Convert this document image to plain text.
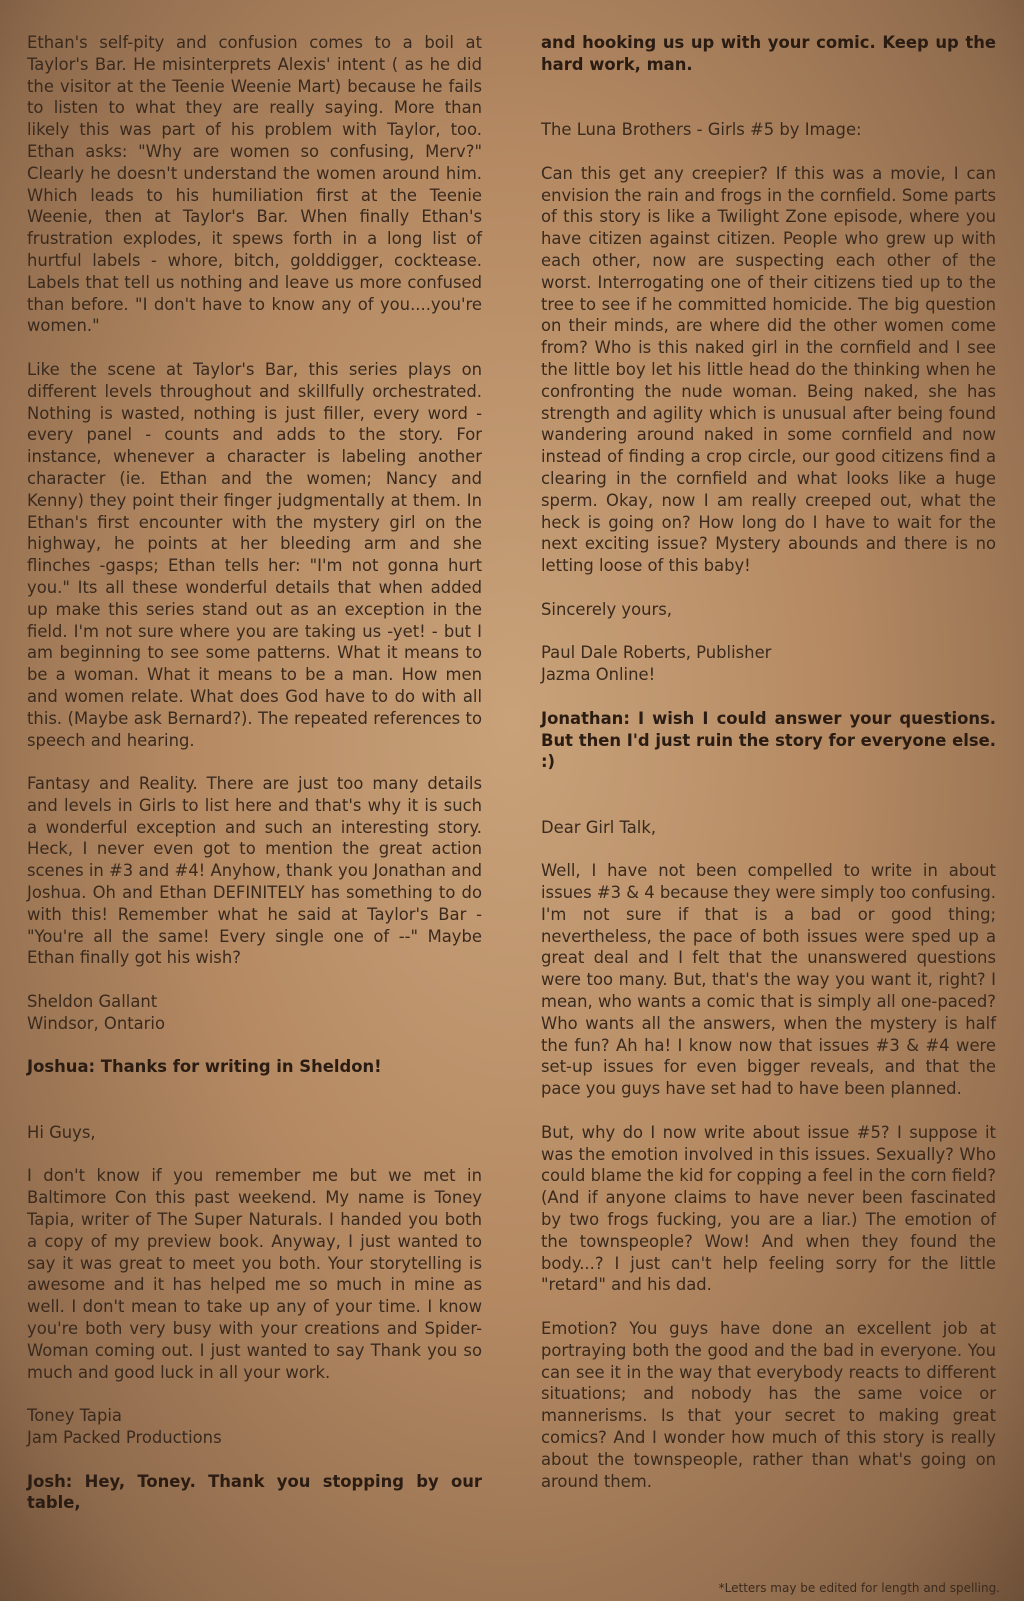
Ethan's self-pity and confusion comes to a boil at Taylor's Bar. He misinterprets Alexis' intent ( as he did the visitor at the Teenie Weenie Mart) because he fails to listen to what they are really saying. More than likely this was part of his problem with Taylor, too. Ethan asks: "Why are women so confusing, Merv?" Clearly he doesn't understand the women around him. Which leads to his humiliation first at the Teenie Weenie, then at Taylor's Bar. When finally Ethan's frustration explodes, it spews forth in a long list of hurtful labels - whore, bitch, golddigger, cocktease. Labels that tell us nothing and leave us more confused than before. "I don't have to know any of you....you're women."

Like the scene at Taylor's Bar, this series plays on different levels throughout and skillfully orchestrated. Nothing is wasted, nothing is just filler, every word - every panel - counts and adds to the story. For instance, whenever a character is labeling another character (ie. Ethan and the women; Nancy and Kenny) they point their finger judgmentally at them. In Ethan's first encounter with the mystery girl on the highway, he points at her bleeding arm and she flinches -gasps; Ethan tells her: "I'm not gonna hurt you." Its all these wonderful details that when added up make this series stand out as an exception in the field. I'm not sure where you are taking us -yet! - but I am beginning to see some patterns. What it means to be a woman. What it means to be a man. How men and women relate. What does God have to do with all this. (Maybe ask Bernard?). The repeated references to speech and hearing.

Fantasy and Reality. There are just too many details and levels in Girls to list here and that's why it is such a wonderful exception and such an interesting story. Heck, I never even got to mention the great action scenes in #3 and #4! Anyhow, thank you Jonathan and Joshua. Oh and Ethan DEFINITELY has something to do with this! Remember what he said at Taylor's Bar - "You're all the same! Every single one of --" Maybe Ethan finally got his wish?

Sheldon Gallant
Windsor, Ontario

Joshua: Thanks for writing in Sheldon!

Hi Guys,

I don't know if you remember me but we met in Baltimore Con this past weekend. My name is Toney Tapia, writer of The Super Naturals. I handed you both a copy of my preview book. Anyway, I just wanted to say it was great to meet you both. Your storytelling is awesome and it has helped me so much in mine as well. I don't mean to take up any of your time. I know you're both very busy with your creations and Spider-Woman coming out. I just wanted to say Thank you so much and good luck in all your work.

Toney Tapia
Jam Packed Productions

Josh: Hey, Toney. Thank you stopping by our table,

and hooking us up with your comic. Keep up the hard work, man.

The Luna Brothers - Girls #5 by Image:

Can this get any creepier? If this was a movie, I can envision the rain and frogs in the cornfield. Some parts of this story is like a Twilight Zone episode, where you have citizen against citizen. People who grew up with each other, now are suspecting each other of the worst. Interrogating one of their citizens tied up to the tree to see if he committed homicide. The big question on their minds, are where did the other women come from? Who is this naked girl in the cornfield and I see the little boy let his little head do the thinking when he confronting the nude woman. Being naked, she has strength and agility which is unusual after being found wandering around naked in some cornfield and now instead of finding a crop circle, our good citizens find a clearing in the cornfield and what looks like a huge sperm. Okay, now I am really creeped out, what the heck is going on? How long do I have to wait for the next exciting issue? Mystery abounds and there is no letting loose of this baby!

Sincerely yours,

Paul Dale Roberts, Publisher
Jazma Online!

Jonathan: I wish I could answer your questions. But then I'd just ruin the story for everyone else. :)

Dear Girl Talk,

Well, I have not been compelled to write in about issues #3 & 4 because they were simply too confusing. I'm not sure if that is a bad or good thing; nevertheless, the pace of both issues were sped up a great deal and I felt that the unanswered questions were too many. But, that's the way you want it, right? I mean, who wants a comic that is simply all one-paced? Who wants all the answers, when the mystery is half the fun? Ah ha! I know now that issues #3 & #4 were set-up issues for even bigger reveals, and that the pace you guys have set had to have been planned.

But, why do I now write about issue #5? I suppose it was the emotion involved in this issues. Sexually? Who could blame the kid for copping a feel in the corn field? (And if anyone claims to have never been fascinated by two frogs fucking, you are a liar.) The emotion of the townspeople? Wow! And when they found the body...? I just can't help feeling sorry for the little "retard" and his dad.

Emotion? You guys have done an excellent job at portraying both the good and the bad in everyone. You can see it in the way that everybody reacts to different situations; and nobody has the same voice or mannerisms. Is that your secret to making great comics? And I wonder how much of this story is really about the townspeople, rather than what's going on around them.

*Letters may be edited for length and spelling.
